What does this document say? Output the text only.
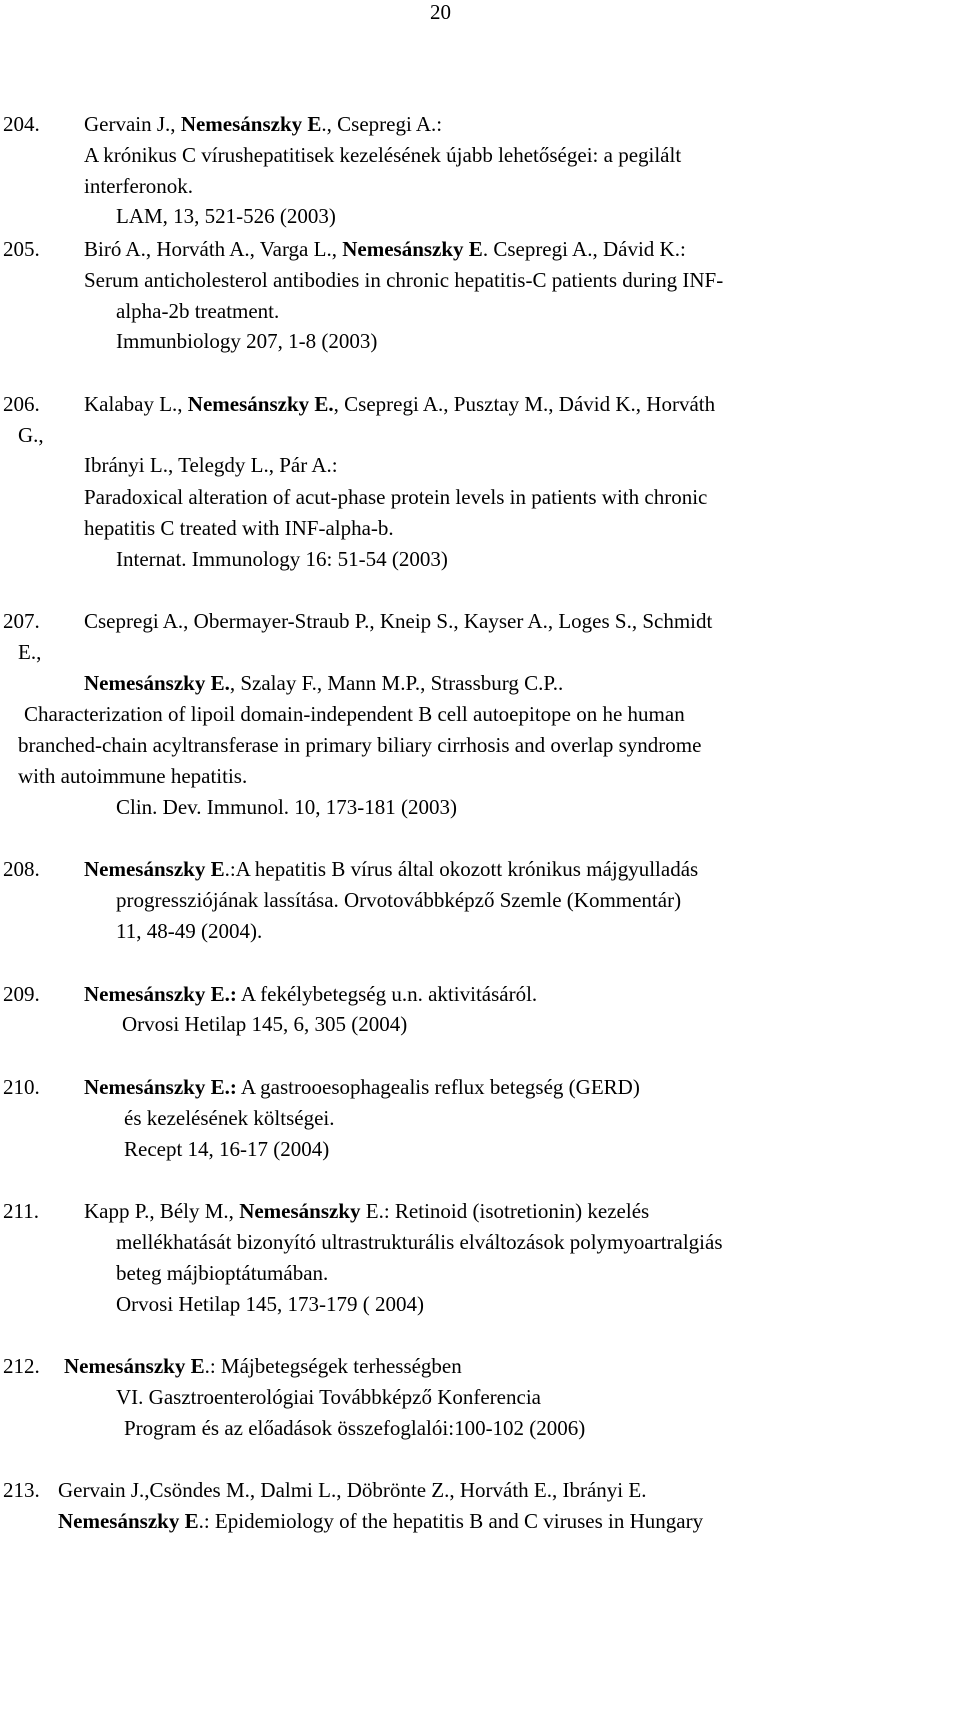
20
204. Gervain J., Nemesánszky E., Csepregi A.:
A krónikus C vírushepatitisek kezelésének újabb lehetőségei: a pegilált
interferonok.
LAM, 13, 521-526 (2003)
205. Biró A., Horváth A., Varga L., Nemesánszky E. Csepregi A., Dávid K.:
Serum anticholesterol antibodies in chronic hepatitis-C patients during INF-
alpha-2b treatment.
Immunbiology 207, 1-8 (2003)
206. Kalabay L., Nemesánszky E., Csepregi A., Pusztay M., Dávid K., Horváth
G.,
Ibrányi L., Telegdy L., Pár A.:
Paradoxical alteration of acut-phase protein levels in patients with chronic
hepatitis C treated with INF-alpha-b.
Internat. Immunology 16: 51-54 (2003)
207. Csepregi A., Obermayer-Straub P., Kneip S., Kayser A., Loges S., Schmidt
E.,
Nemesánszky E., Szalay F., Mann M.P., Strassburg C.P..
Characterization of lipoil domain-independent B cell autoepitope on he human
branched-chain acyltransferase in primary biliary cirrhosis and overlap syndrome
with autoimmune hepatitis.
Clin. Dev. Immunol. 10, 173-181 (2003)
208. Nemesánszky E.:A hepatitis B vírus által okozott krónikus májgyulladás
progressziójának lassítása. Orvotovábbképző Szemle (Kommentár)
11, 48-49 (2004).
209. Nemesánszky E.: A fekélybetegség u.n. aktivitásáról.
Orvosi Hetilap 145, 6, 305 (2004)
210. Nemesánszky E.: A gastrooesophagealis reflux betegség (GERD)
és kezelésének költségei.
Recept 14, 16-17 (2004)
211. Kapp P., Bély M., Nemesánszky E.: Retinoid (isotretionin) kezelés
mellékhatását bizonyító ultrastrukturális elváltozások polymyoartralgiás
beteg májbioptátumában.
Orvosi Hetilap 145, 173-179 ( 2004)
212. Nemesánszky E.: Májbetegségek terhességben
VI. Gasztroenterológiai Továbbképző Konferencia
Program és az előadások összefoglalói:100-102 (2006)
213. Gervain J.,Csöndes M., Dalmi L., Döbrönte Z., Horváth E., Ibrányi E.
Nemesánszky E.: Epidemiology of the hepatitis B and C viruses in Hungary
